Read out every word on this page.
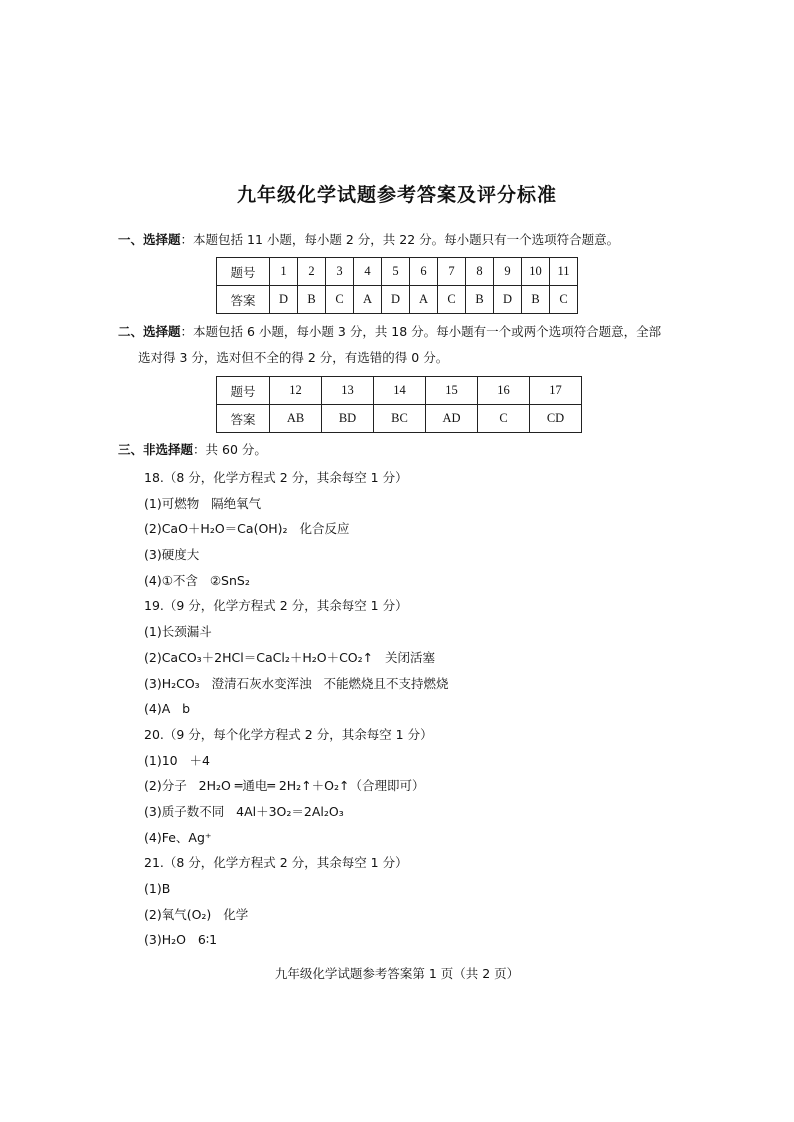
九年级化学试题参考答案及评分标准
一、选择题：本题包括 11 小题，每小题 2 分，共 22 分。每小题只有一个选项符合题意。
题号	1	2	3	4	5	6	7	8	9	10	11
答案	D	B	C	A	D	A	C	B	D	B	C
二、选择题：本题包括 6 小题，每小题 3 分，共 18 分。每小题有一个或两个选项符合题意，全部
选对得 3 分，选对但不全的得 2 分，有选错的得 0 分。
题号	12	13	14	15	16	17
答案	AB	BD	BC	AD	C	CD
三、非选择题：共 60 分。
18.（8 分，化学方程式 2 分，其余每空 1 分）
(1)可燃物   隔绝氧气
(2)CaO＋H₂O＝Ca(OH)₂   化合反应
(3)硬度大
(4)①不含   ②SnS₂
19.（9 分，化学方程式 2 分，其余每空 1 分）
(1)长颈漏斗
(2)CaCO₃＋2HCl＝CaCl₂＋H₂O＋CO₂↑   关闭活塞
(3)H₂CO₃   澄清石灰水变浑浊   不能燃烧且不支持燃烧
(4)A   b
20.（9 分，每个化学方程式 2 分，其余每空 1 分）
(1)10   ＋4
(2)分子   2H₂O ═通电═ 2H₂↑＋O₂↑（合理即可）
(3)质子数不同   4Al＋3O₂＝2Al₂O₃
(4)Fe、Ag⁺
21.（8 分，化学方程式 2 分，其余每空 1 分）
(1)B
(2)氧气(O₂)   化学
(3)H₂O   6∶1
九年级化学试题参考答案第 1 页（共 2 页）
